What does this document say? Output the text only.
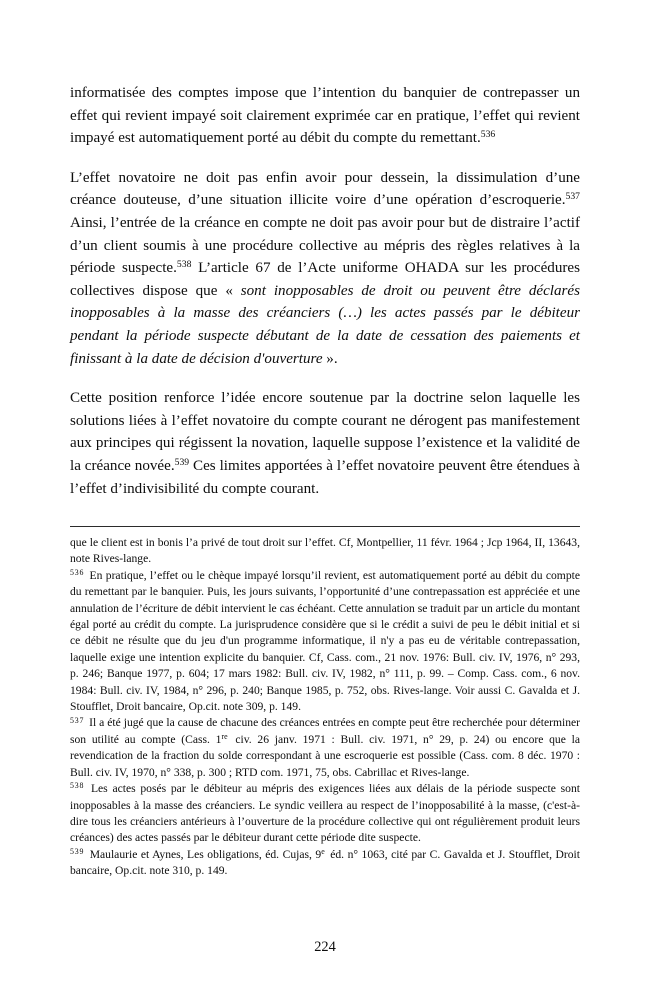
informatisée des comptes impose que l’intention du banquier de contrepasser un effet qui revient impayé soit clairement exprimée car en pratique, l’effet qui revient impayé est automatiquement porté au débit du compte du remettant.$^{536}$

L’effet novatoire ne doit pas enfin avoir pour dessein, la dissimulation d’une créance douteuse, d’une situation illicite voire d’une opération d’escroquerie.$^{537}$ Ainsi, l’entrée de la créance en compte ne doit pas avoir pour but de distraire l’actif d’un client soumis à une procédure collective au mépris des règles relatives à la période suspecte.$^{538}$ L’article 67 de l’Acte uniforme OHADA sur les procédures collectives dispose que « sont inopposables de droit ou peuvent être déclarés inopposables à la masse des créanciers (…) les actes passés par le débiteur pendant la période suspecte débutant de la date de cessation des paiements et finissant à la date de décision d'ouverture ».

Cette position renforce l’idée encore soutenue par la doctrine selon laquelle les solutions liées à l’effet novatoire du compte courant ne dérogent pas manifestement aux principes qui régissent la novation, laquelle suppose l’existence et la validité de la créance novée.$^{539}$ Ces limites apportées à l’effet novatoire peuvent être étendues à l’effet d’indivisibilité du compte courant.

que le client est in bonis l’a privé de tout droit sur l’effet. Cf, Montpellier, 11 févr. 1964 ; Jcp 1964, II, 13643, note Rives-lange.

$^{536}$ En pratique, l’effet ou le chèque impayé lorsqu’il revient, est automatiquement porté au débit du compte du remettant par le banquier. Puis, les jours suivants, l’opportunité d’une contrepassation est appréciée et une annulation de l’écriture de débit intervient le cas échéant. Cette annulation se traduit par un article du montant égal porté au crédit du compte. La jurisprudence considère que si le crédit a suivi de peu le débit initial et si ce débit ne résulte que du jeu d'un programme informatique, il n'y a pas eu de véritable contrepassation, laquelle exige une intention explicite du banquier. Cf, Cass. com., 21 nov. 1976: Bull. civ. IV, 1976, n° 293, p. 246; Banque 1977, p. 604; 17 mars 1982: Bull. civ. IV, 1982, n° 111, p. 99. – Comp. Cass. com., 6 nov. 1984: Bull. civ. IV, 1984, n° 296, p. 240; Banque 1985, p. 752, obs. Rives-lange. Voir aussi C. Gavalda et J. Stoufflet, Droit bancaire, Op.cit. note 309, p. 149.

$^{537}$ Il a été jugé que la cause de chacune des créances entrées en compte peut être recherchée pour déterminer son utilité au compte (Cass. 1re civ. 26 janv. 1971 : Bull. civ. 1971, n° 29, p. 24) ou encore que la revendication de la fraction du solde correspondant à une escroquerie est possible (Cass. com. 8 déc. 1970 : Bull. civ. IV, 1970, n° 338, p. 300 ; RTD com. 1971, 75, obs. Cabrillac et Rives-lange.

$^{538}$ Les actes posés par le débiteur au mépris des exigences liées aux délais de la période suspecte sont inopposables à la masse des créanciers. Le syndic veillera au respect de l’inopposabilité à la masse, (c'est-à-dire tous les créanciers antérieurs à l’ouverture de la procédure collective qui ont régulièrement produit leurs créances) des actes passés par le débiteur durant cette période dite suspecte.

$^{539}$ Maulaurie et Aynes, Les obligations, éd. Cujas, 9e éd. n° 1063, cité par C. Gavalda et J. Stoufflet, Droit bancaire, Op.cit. note 310, p. 149.

224
